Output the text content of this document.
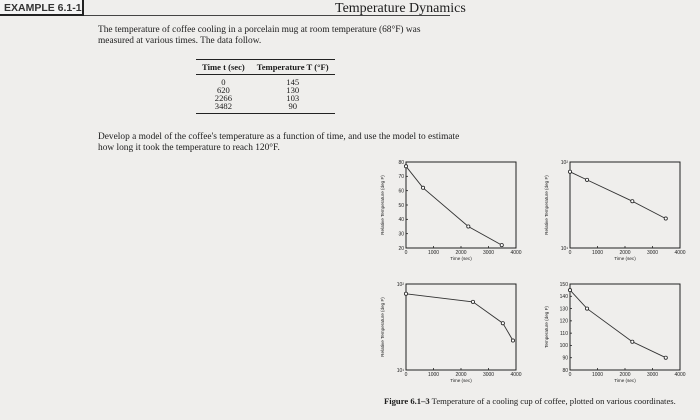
EXAMPLE 6.1-1	Temperature Dynamics
The temperature of coffee cooling in a porcelain mug at room temperature (68°F) was measured at various times. The data follow.
Time t (sec)	Temperature T (°F)
0	145
620	130
2266	103
3482	90
Develop a model of the coffee's temperature as a function of time, and use the model to estimate how long it took the temperature to reach 120°F.
0	1000	2000	3000	4000
20
30
40
50
60
70
80
Time (sec)
Relative Temperature (deg F)
0	1000	2000	3000	4000
10¹
10²
Time (sec)
Relative Temperature (deg F)
0	1000	2000	3000	4000
10¹
10²
Time (sec)
Relative Temperature (deg F)
0	1000	2000	3000	4000
80
90
100
110
120
130
140
150
Time (sec)
Temperature (deg F)
Figure 6.1–3 Temperature of a cooling cup of coffee, plotted on various coordinates.
